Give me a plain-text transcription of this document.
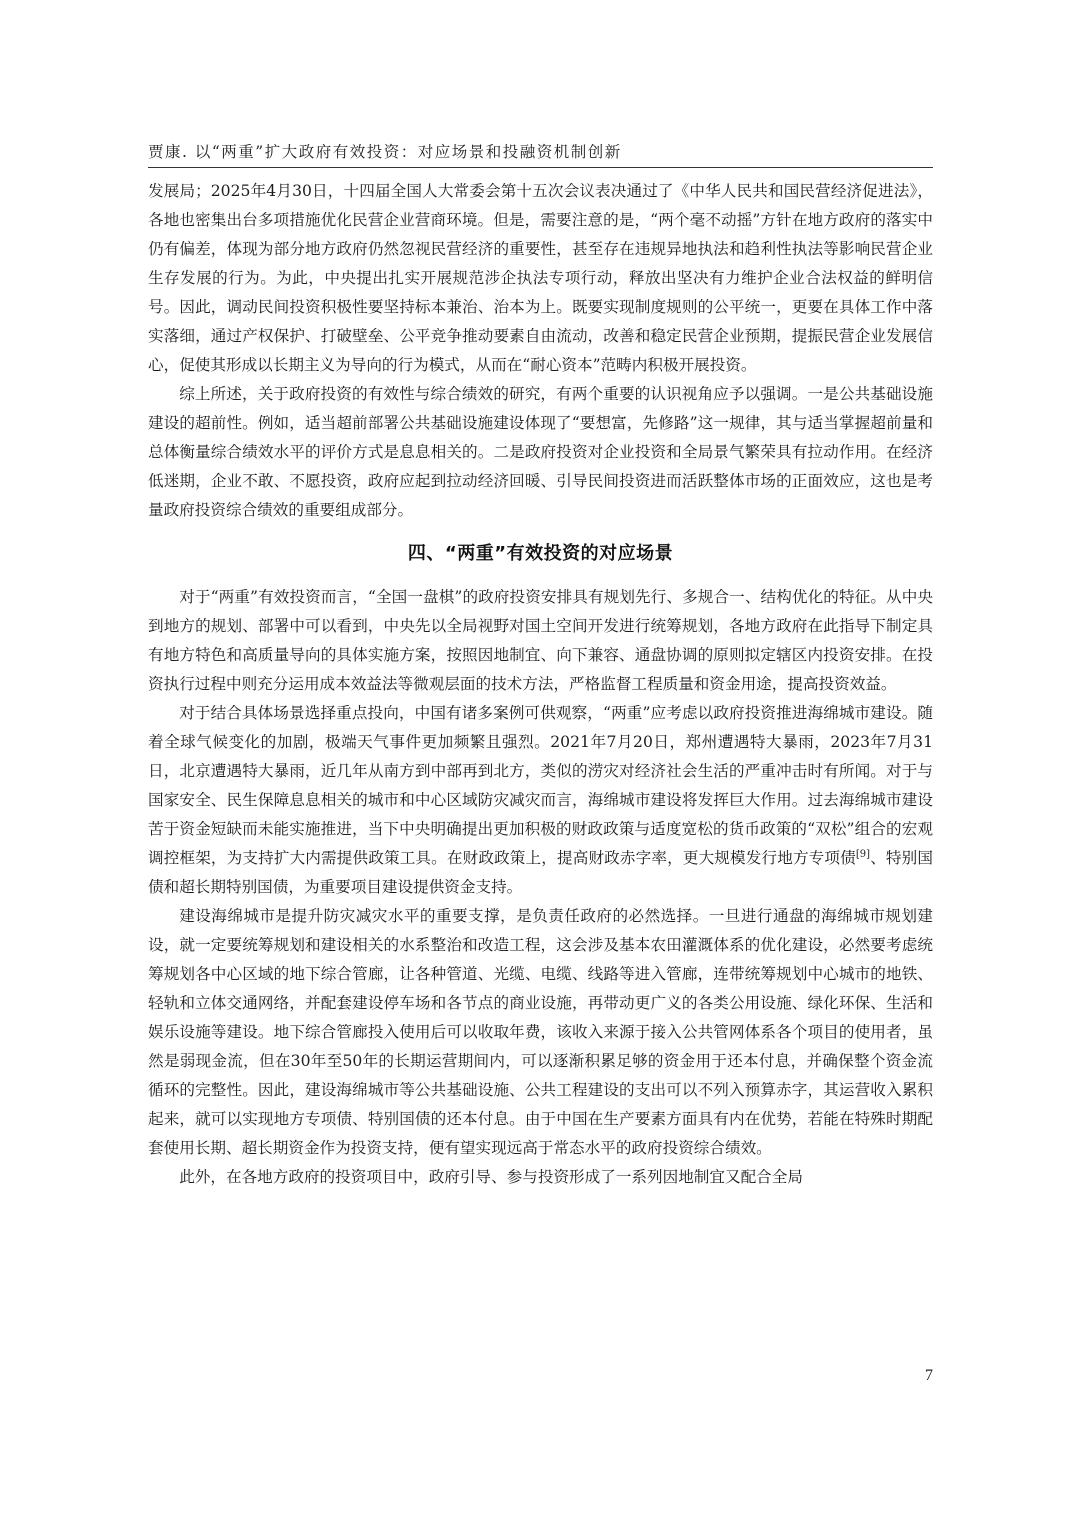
贾康. 以“两重”扩大政府有效投资：对应场景和投融资机制创新

发展局；2025年4月30日，十四届全国人大常委会第十五次会议表决通过了《中华人民共和国民营经济促进法》，各地也密集出台多项措施优化民营企业营商环境。但是，需要注意的是，“两个毫不动摇”方针在地方政府的落实中仍有偏差，体现为部分地方政府仍然忽视民营经济的重要性，甚至存在违规异地执法和趋利性执法等影响民营企业生存发展的行为。为此，中央提出扎实开展规范涉企执法专项行动，释放出坚决有力维护企业合法权益的鲜明信号。因此，调动民间投资积极性要坚持标本兼治、治本为上。既要实现制度规则的公平统一，更要在具体工作中落实落细，通过产权保护、打破壁垒、公平竞争推动要素自由流动，改善和稳定民营企业预期，提振民营企业发展信心，促使其形成以长期主义为导向的行为模式，从而在“耐心资本”范畴内积极开展投资。

综上所述，关于政府投资的有效性与综合绩效的研究，有两个重要的认识视角应予以强调。一是公共基础设施建设的超前性。例如，适当超前部署公共基础设施建设体现了“要想富，先修路”这一规律，其与适当掌握超前量和总体衡量综合绩效水平的评价方式是息息相关的。二是政府投资对企业投资和全局景气繁荣具有拉动作用。在经济低迷期，企业不敢、不愿投资，政府应起到拉动经济回暖、引导民间投资进而活跃整体市场的正面效应，这也是考量政府投资综合绩效的重要组成部分。

四、“两重”有效投资的对应场景

对于“两重”有效投资而言，“全国一盘棋”的政府投资安排具有规划先行、多规合一、结构优化的特征。从中央到地方的规划、部署中可以看到，中央先以全局视野对国土空间开发进行统筹规划，各地方政府在此指导下制定具有地方特色和高质量导向的具体实施方案，按照因地制宜、向下兼容、通盘协调的原则拟定辖区内投资安排。在投资执行过程中则充分运用成本效益法等微观层面的技术方法，严格监督工程质量和资金用途，提高投资效益。

对于结合具体场景选择重点投向，中国有诸多案例可供观察，“两重”应考虑以政府投资推进海绵城市建设。随着全球气候变化的加剧，极端天气事件更加频繁且强烈。2021年7月20日，郑州遭遇特大暴雨，2023年7月31日，北京遭遇特大暴雨，近几年从南方到中部再到北方，类似的涝灾对经济社会生活的严重冲击时有所闻。对于与国家安全、民生保障息息相关的城市和中心区域防灾减灾而言，海绵城市建设将发挥巨大作用。过去海绵城市建设苦于资金短缺而未能实施推进，当下中央明确提出更加积极的财政政策与适度宽松的货币政策的“双松”组合的宏观调控框架，为支持扩大内需提供政策工具。在财政政策上，提高财政赤字率，更大规模发行地方专项债[9]、特别国债和超长期特别国债，为重要项目建设提供资金支持。

建设海绵城市是提升防灾减灾水平的重要支撑，是负责任政府的必然选择。一旦进行通盘的海绵城市规划建设，就一定要统筹规划和建设相关的水系整治和改造工程，这会涉及基本农田灌溉体系的优化建设，必然要考虑统筹规划各中心区域的地下综合管廊，让各种管道、光缆、电缆、线路等进入管廊，连带统筹规划中心城市的地铁、轻轨和立体交通网络，并配套建设停车场和各节点的商业设施，再带动更广义的各类公用设施、绿化环保、生活和娱乐设施等建设。地下综合管廊投入使用后可以收取年费，该收入来源于接入公共管网体系各个项目的使用者，虽然是弱现金流，但在30年至50年的长期运营期间内，可以逐渐积累足够的资金用于还本付息，并确保整个资金流循环的完整性。因此，建设海绵城市等公共基础设施、公共工程建设的支出可以不列入预算赤字，其运营收入累积起来，就可以实现地方专项债、特别国债的还本付息。由于中国在生产要素方面具有内在优势，若能在特殊时期配套使用长期、超长期资金作为投资支持，便有望实现远高于常态水平的政府投资综合绩效。

此外，在各地方政府的投资项目中，政府引导、参与投资形成了一系列因地制宜又配合全局

7
